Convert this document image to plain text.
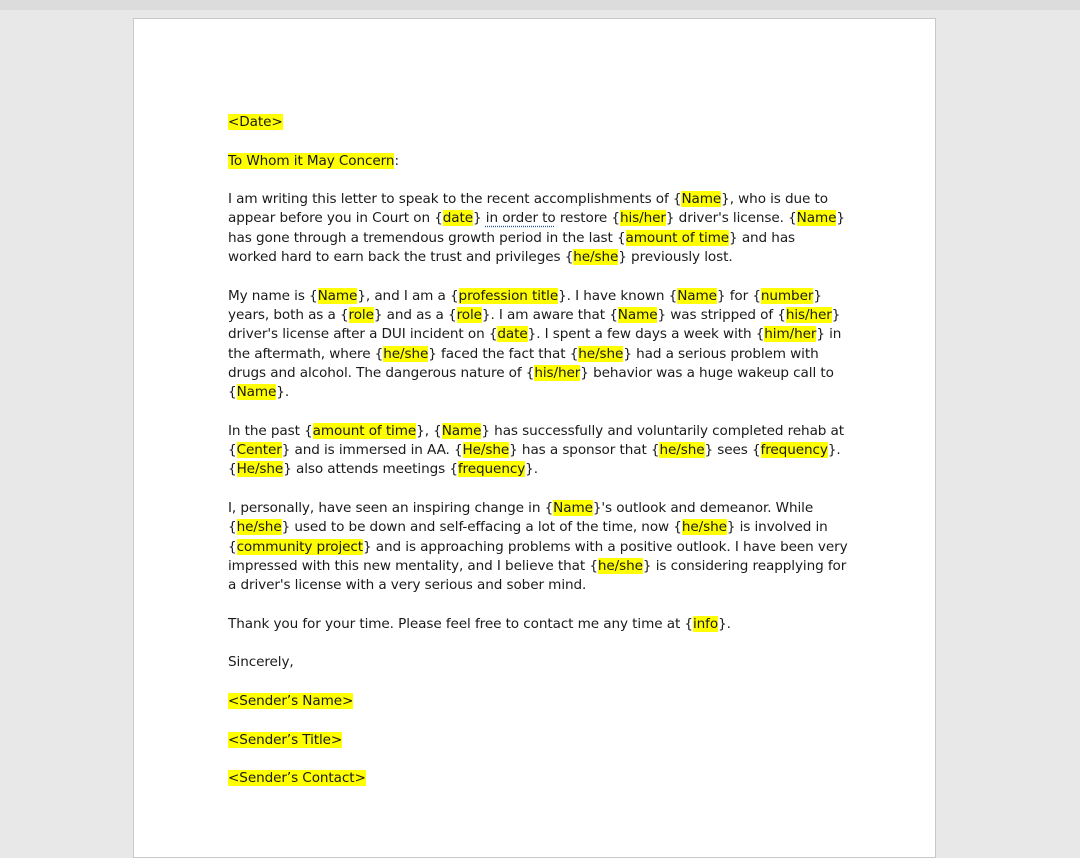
<Date>

To Whom it May Concern:

I am writing this letter to speak to the recent accomplishments of {Name}, who is due to appear before you in Court on {date} in order to restore {his/her} driver's license. {Name} has gone through a tremendous growth period in the last {amount of time} and has worked hard to earn back the trust and privileges {he/she} previously lost.

My name is {Name}, and I am a {profession title}. I have known {Name} for {number} years, both as a {role} and as a {role}. I am aware that {Name} was stripped of {his/her} driver's license after a DUI incident on {date}. I spent a few days a week with {him/her} in the aftermath, where {he/she} faced the fact that {he/she} had a serious problem with drugs and alcohol. The dangerous nature of {his/her} behavior was a huge wakeup call to {Name}.

In the past {amount of time}, {Name} has successfully and voluntarily completed rehab at {Center} and is immersed in AA. {He/she} has a sponsor that {he/she} sees {frequency}. {He/she} also attends meetings {frequency}.

I, personally, have seen an inspiring change in {Name}'s outlook and demeanor. While {he/she} used to be down and self-effacing a lot of the time, now {he/she} is involved in {community project} and is approaching problems with a positive outlook. I have been very impressed with this new mentality, and I believe that {he/she} is considering reapplying for a driver's license with a very serious and sober mind.

Thank you for your time. Please feel free to contact me any time at {info}.

Sincerely,

<Sender’s Name>

<Sender’s Title>

<Sender’s Contact>
